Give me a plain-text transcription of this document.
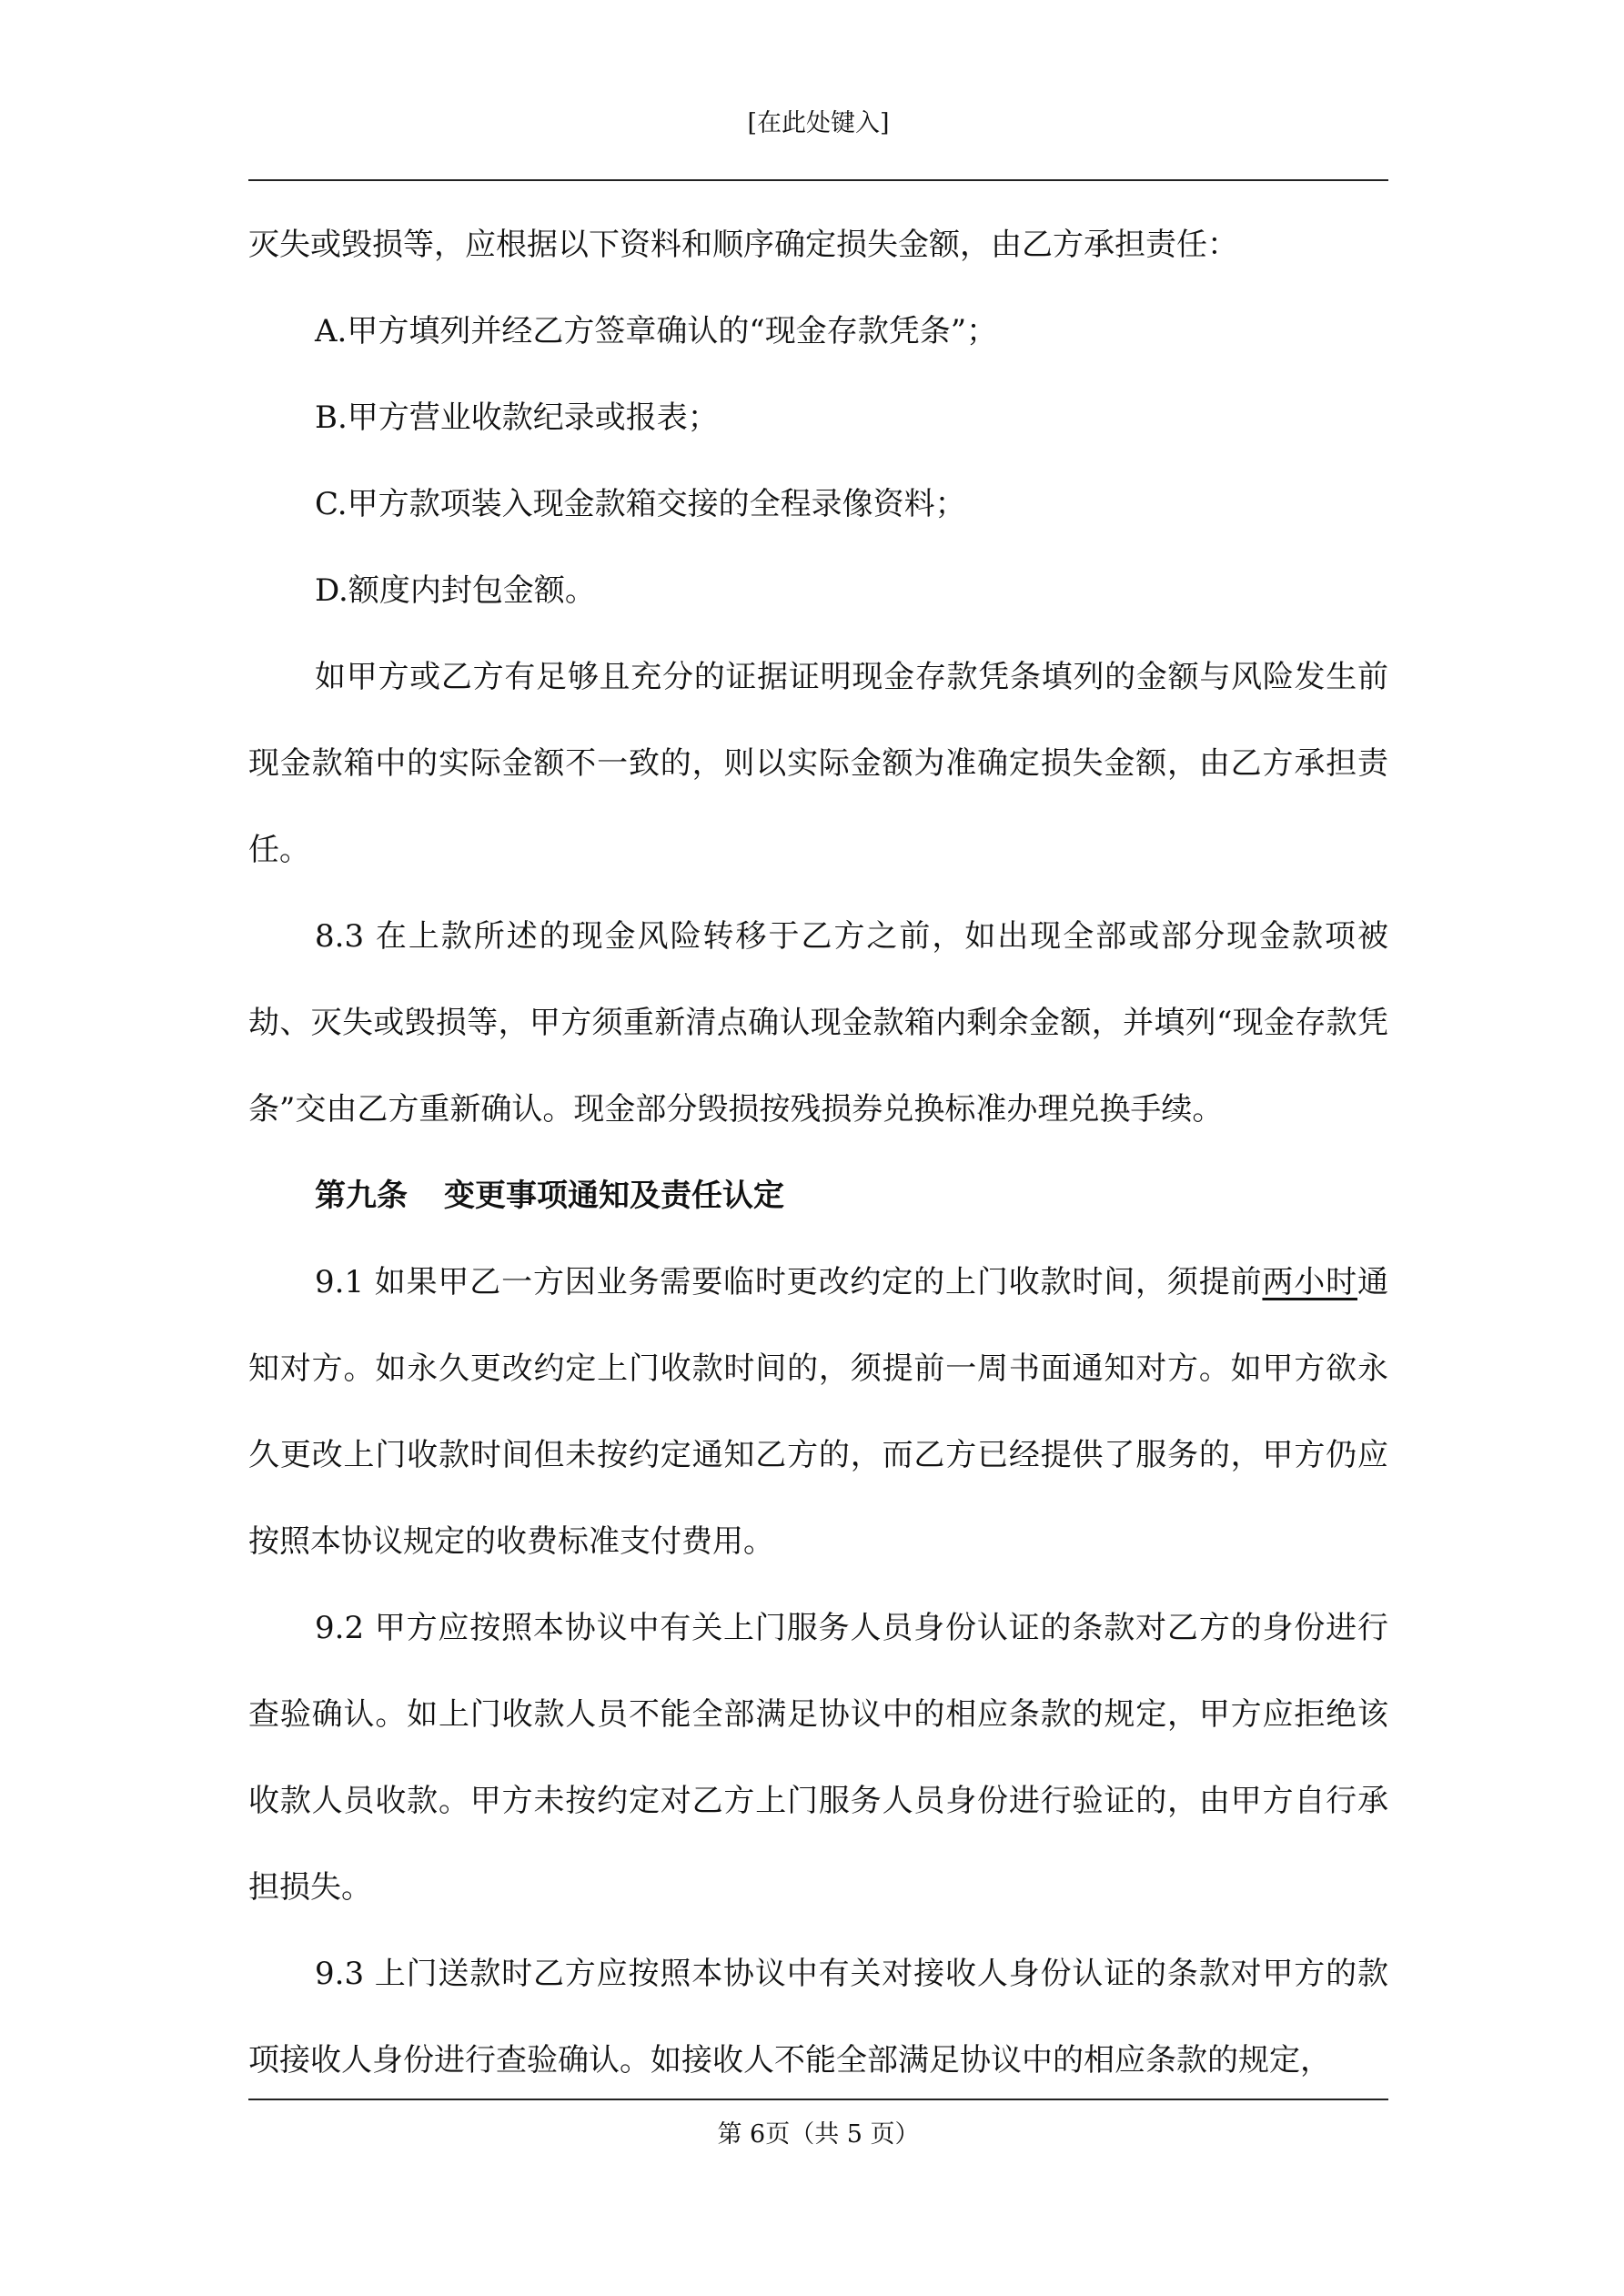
[在此处键入]

灭失或毁损等，应根据以下资料和顺序确定损失金额，由乙方承担责任：

A.甲方填列并经乙方签章确认的“现金存款凭条”；

B.甲方营业收款纪录或报表；

C.甲方款项装入现金款箱交接的全程录像资料；

D.额度内封包金额。

如甲方或乙方有足够且充分的证据证明现金存款凭条填列的金额与风险发生前现金款箱中的实际金额不一致的，则以实际金额为准确定损失金额，由乙方承担责任。

8.3 在上款所述的现金风险转移于乙方之前，如出现全部或部分现金款项被劫、灭失或毁损等，甲方须重新清点确认现金款箱内剩余金额，并填列“现金存款凭条”交由乙方重新确认。现金部分毁损按残损券兑换标准办理兑换手续。

第九条 变更事项通知及责任认定

9.1 如果甲乙一方因业务需要临时更改约定的上门收款时间，须提前两小时通知对方。如永久更改约定上门收款时间的，须提前一周书面通知对方。如甲方欲永久更改上门收款时间但未按约定通知乙方的，而乙方已经提供了服务的，甲方仍应按照本协议规定的收费标准支付费用。

9.2 甲方应按照本协议中有关上门服务人员身份认证的条款对乙方的身份进行查验确认。如上门收款人员不能全部满足协议中的相应条款的规定，甲方应拒绝该收款人员收款。甲方未按约定对乙方上门服务人员身份进行验证的，由甲方自行承担损失。

9.3 上门送款时乙方应按照本协议中有关对接收人身份认证的条款对甲方的款项接收人身份进行查验确认。如接收人不能全部满足协议中的相应条款的规定，

第 6页（共 5 页）
